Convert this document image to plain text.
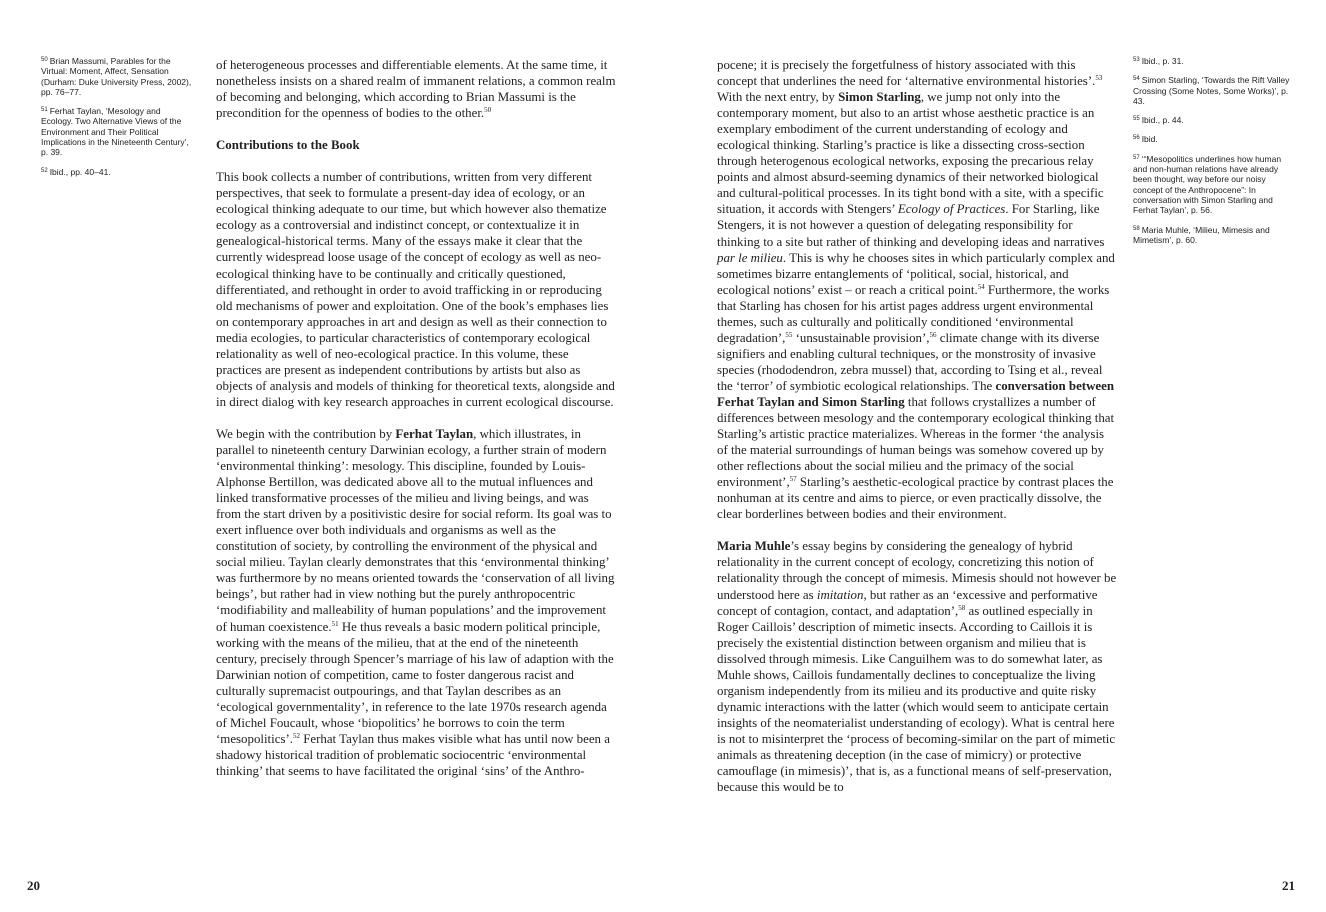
$^{50}$ Brian Massumi, Parables for the Virtual: Moment, Affect, Sensation (Durham: Duke University Press, 2002), pp. 76–77.

$^{51}$ Ferhat Taylan, ‘Mesology and Ecology. Two Alternative Views of the Environment and Their Political Implications in the Nineteenth Century’, p. 39.

$^{52}$ Ibid., pp. 40–41.

of heterogeneous processes and differentiable elements. At the same time, it nonetheless insists on a shared realm of immanent relations, a common realm of becoming and belonging, which according to Brian Massumi is the precondition for the openness of bodies to the other.$^{50}$

Contributions to the Book

This book collects a number of contributions, written from very different perspectives, that seek to formulate a present-day idea of ecology, or an ecological thinking adequate to our time, but which however also thematize ecology as a controversial and indistinct concept, or contextualize it in genealogical-historical terms. Many of the essays make it clear that the currently widespread loose usage of the concept of ecology as well as neo-ecological thinking have to be continually and critically questioned, differentiated, and rethought in order to avoid trafficking in or reproducing old mechanisms of power and exploitation. One of the book’s emphases lies on contemporary approaches in art and design as well as their connection to media ecologies, to particular characteristics of contemporary ecological relationality as well of neo-ecological practice. In this volume, these practices are present as independent contributions by artists but also as objects of analysis and models of thinking for theoretical texts, alongside and in direct dialog with key research approaches in current ecological discourse.

We begin with the contribution by Ferhat Taylan, which illustrates, in parallel to nineteenth century Darwinian ecology, a further strain of modern ‘environmental thinking’: mesology. This discipline, founded by Louis-Alphonse Bertillon, was dedicated above all to the mutual influences and linked transformative processes of the milieu and living beings, and was from the start driven by a positivistic desire for social reform. Its goal was to exert influence over both individuals and organisms as well as the constitution of society, by controlling the environment of the physical and social milieu. Taylan clearly demonstrates that this ‘environmental thinking’ was furthermore by no means oriented towards the ‘conservation of all living beings’, but rather had in view nothing but the purely anthropocentric ‘modifiability and malleability of human populations’ and the improvement of human coexistence.$^{51}$ He thus reveals a basic modern political principle, working with the means of the milieu, that at the end of the nineteenth century, precisely through Spencer’s marriage of his law of adaption with the Darwinian notion of competition, came to foster dangerous racist and culturally supremacist outpourings, and that Taylan describes as an ‘ecological governmentality’, in reference to the late 1970s research agenda of Michel Foucault, whose ‘biopolitics’ he borrows to coin the term ‘mesopolitics’.$^{52}$ Ferhat Taylan thus makes visible what has until now been a shadowy historical tradition of problematic sociocentric ‘environmental thinking’ that seems to have facilitated the original ‘sins’ of the Anthro-

20

pocene; it is precisely the forgetfulness of history associated with this concept that underlines the need for ‘alternative environmental histories’.$^{53}$ With the next entry, by Simon Starling, we jump not only into the contemporary moment, but also to an artist whose aesthetic practice is an exemplary embodiment of the current understanding of ecology and ecological thinking. Starling’s practice is like a dissecting cross-section through heterogenous ecological networks, exposing the precarious relay points and almost absurd-seeming dynamics of their networked biological and cultural-political processes. In its tight bond with a site, with a specific situation, it accords with Stengers’ Ecology of Practices. For Starling, like Stengers, it is not however a question of delegating responsibility for thinking to a site but rather of thinking and developing ideas and narratives par le milieu. This is why he chooses sites in which particularly complex and sometimes bizarre entanglements of ‘political, social, historical, and ecological notions’ exist – or reach a critical point.$^{54}$ Furthermore, the works that Starling has chosen for his artist pages address urgent environmental themes, such as culturally and politically conditioned ‘environmental degradation’,$^{55}$ ‘unsustainable provision’,$^{56}$ climate change with its diverse signifiers and enabling cultural techniques, or the monstrosity of invasive species (rhododendron, zebra mussel) that, according to Tsing et al., reveal the ‘terror’ of symbiotic ecological relationships. The conversation between Ferhat Taylan and Simon Starling that follows crystallizes a number of differences between mesology and the contemporary ecological thinking that Starling’s artistic practice materializes. Whereas in the former ‘the analysis of the material surroundings of human beings was somehow covered up by other reflections about the social milieu and the primacy of the social environment’,$^{57}$ Starling’s aesthetic-ecological practice by contrast places the nonhuman at its centre and aims to pierce, or even practically dissolve, the clear borderlines between bodies and their environment.

Maria Muhle’s essay begins by considering the genealogy of hybrid relationality in the current concept of ecology, concretizing this notion of relationality through the concept of mimesis. Mimesis should not however be understood here as imitation, but rather as an ‘excessive and performative concept of contagion, contact, and adaptation’,$^{58}$ as outlined especially in Roger Caillois’ description of mimetic insects. According to Caillois it is precisely the existential distinction between organism and milieu that is dissolved through mimesis. Like Canguilhem was to do somewhat later, as Muhle shows, Caillois fundamentally declines to conceptualize the living organism independently from its milieu and its productive and quite risky dynamic interactions with the latter (which would seem to anticipate certain insights of the neomaterialist understanding of ecology). What is central here is not to misinterpret the ‘process of becoming-similar on the part of mimetic animals as threatening deception (in the case of mimicry) or protective camouflage (in mimesis)’, that is, as a functional means of self-preservation, because this would be to

$^{53}$ Ibid., p. 31.

$^{54}$ Simon Starling, ‘Towards the Rift Valley Crossing (Some Notes, Some Works)’, p. 43.

$^{55}$ Ibid., p. 44.

$^{56}$ Ibid.

$^{57}$ ‘“Mesopolitics underlines how human and non-human relations have already been thought, way before our noisy concept of the Anthropocene”: In conversation with Simon Starling and Ferhat Taylan’, p. 56.

$^{58}$ Maria Muhle, ‘Milieu, Mimesis and Mimetism’, p. 60.

21
